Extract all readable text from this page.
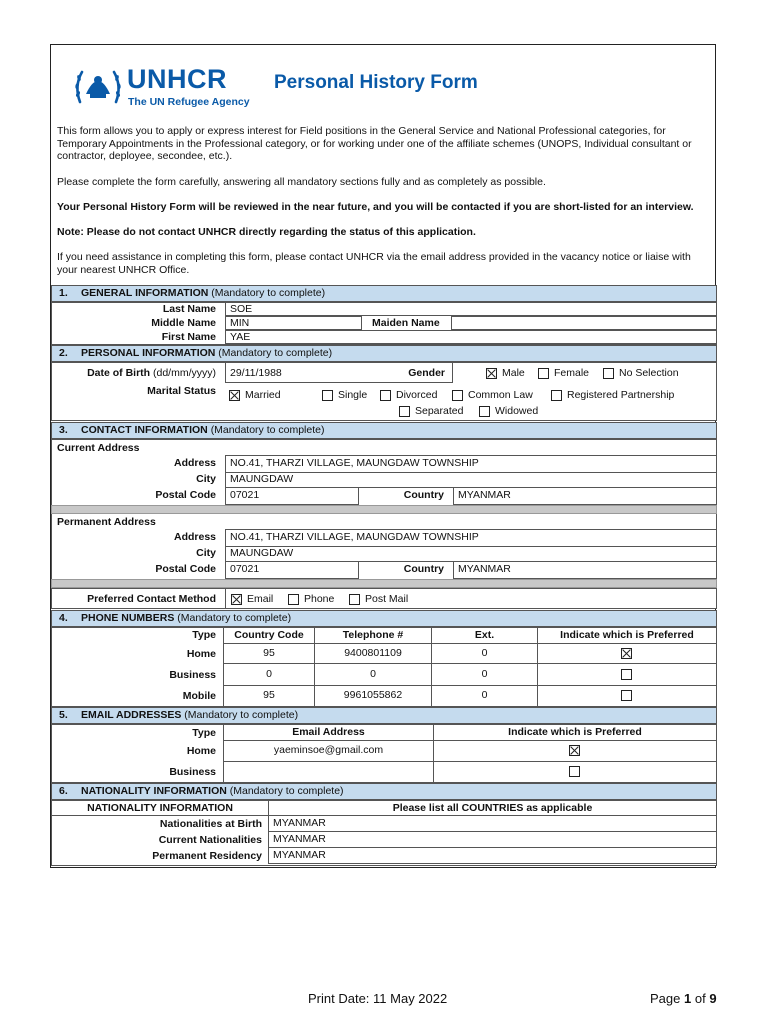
UNHCR
The UN Refugee Agency
Personal History Form

This form allows you to apply or express interest for Field positions in the General Service and National Professional categories, for Temporary Appointments in the Professional category, or for working under one of the affiliate schemes (UNOPS, Individual consultant or contractor, deployee, secondee, etc.).

Please complete the form carefully, answering all mandatory sections fully and as completely as possible.

Your Personal History Form will be reviewed in the near future, and you will be contacted if you are short-listed for an interview.

Note: Please do not contact UNHCR directly regarding the status of this application.

If you need assistance in completing this form, please contact UNHCR via the email address provided in the vacancy notice or liaise with your nearest UNHCR Office.

1. GENERAL INFORMATION (Mandatory to complete)
Last Name	SOE
Middle Name	MIN	Maiden Name
First Name	YAE
2. PERSONAL INFORMATION (Mandatory to complete)
Date of Birth (dd/mm/yyyy) 29/11/1988	Gender	Male	Female	No Selection
Marital Status	Married	Single	Divorced	Common Law	Registered Partnership
Separated	Widowed
3. CONTACT INFORMATION (Mandatory to complete)
Current Address
Address NO.41, THARZI VILLAGE, MAUNGDAW TOWNSHIP
City	MAUNGDAW
Postal Code	07021	Country	MYANMAR
Permanent Address
Address NO.41, THARZI VILLAGE, MAUNGDAW TOWNSHIP
City	MAUNGDAW
Postal Code	07021	Country	MYANMAR
Preferred Contact Method	Email	Phone	Post Mail
4. PHONE NUMBERS (Mandatory to complete)
Type	Country Code	Telephone #	Ext.	Indicate which is Preferred
Home	95	9400801109	0
Business	0	0	0
Mobile	95	9961055862	0
5. EMAIL ADDRESSES (Mandatory to complete)
Type	Email Address	Indicate which is Preferred
Home	yaeminsoe@gmail.com
Business
6. NATIONALITY INFORMATION (Mandatory to complete)
NATIONALITY INFORMATION	Please list all COUNTRIES as applicable
Nationalities at Birth	MYANMAR
Current Nationalities	MYANMAR
Permanent Residency	MYANMAR
Print Date: 11 May 2022	Page 1 of 9
